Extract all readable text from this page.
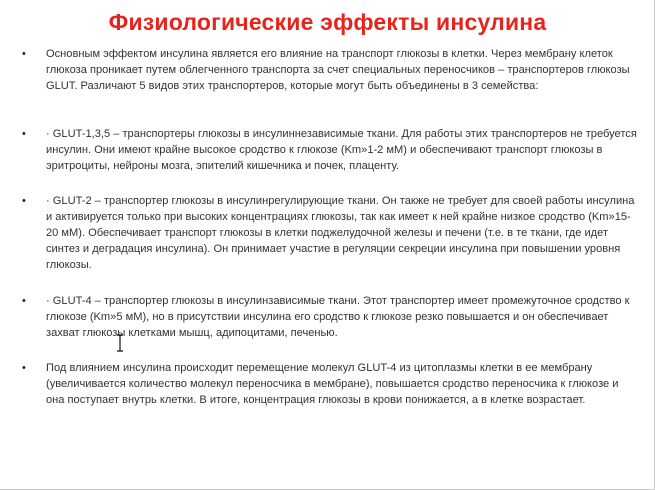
Физиологические эффекты инсулина
• Основным эффектом инсулина является его влияние на транспорт глюкозы в клетки. Через мембрану клеток глюкоза проникает путем облегченного транспорта за счет специальных переносчиков – транспортеров глюкозы GLUT. Различают 5 видов этих транспортеров, которые могут быть объединены в 3 семейства:
• · GLUT-1,3,5 – транспортеры глюкозы в инсулиннезависимые ткани. Для работы этих транспортеров не требуется инсулин. Они имеют крайне высокое сродство к глюкозе (Km»1-2 мМ) и обеспечивают транспорт глюкозы в эритроциты, нейроны мозга, эпителий кишечника и почек, плаценту.
• · GLUT-2 – транспортер глюкозы в инсулинрегулирующие ткани. Он также не требует для своей работы инсулина и активируется только при высоких концентрациях глюкозы, так как имеет к ней крайне низкое сродство (Km»15-20 мМ). Обеспечивает транспорт глюкозы в клетки поджелудочной железы и печени (т.е. в те ткани, где идет синтез и деградация инсулина). Он принимает участие в регуляции секреции инсулина при повышении уровня глюкозы.
• · GLUT-4 – транспортер глюкозы в инсулинзависимые ткани. Этот транспортер имеет промежуточное сродство к глюкозе (Km»5 мМ), но в присутствии инсулина его сродство к глюкозе резко повышается и он обеспечивает захват глюкозы клетками мышц, адипоцитами, печенью.
• Под влиянием инсулина происходит перемещение молекул GLUT-4 из цитоплазмы клетки в ее мембрану (увеличивается количество молекул переносчика в мембране), повышается сродство переносчика к глюкозе и она поступает внутрь клетки. В итоге, концентрация глюкозы в крови понижается, а в клетке возрастает.
